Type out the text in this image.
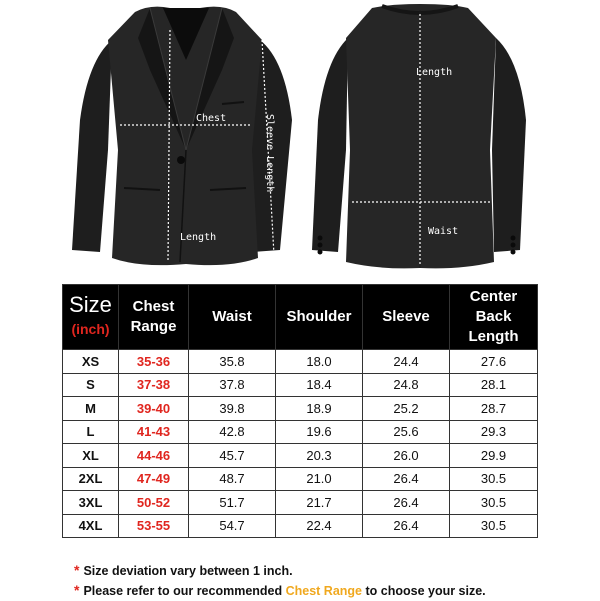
Chest	Sleeve Length
Length
Length
Waist
Size
(inch)	Chest Range	Waist	Shoulder	Sleeve	Center Back Length
XS	35-36	35.8	18.0	24.4	27.6
S	37-38	37.8	18.4	24.8	28.1
M	39-40	39.8	18.9	25.2	28.7
L	41-43	42.8	19.6	25.6	29.3
XL	44-46	45.7	20.3	26.0	29.9
2XL	47-49	48.7	21.0	26.4	30.5
3XL	50-52	51.7	21.7	26.4	30.5
4XL	53-55	54.7	22.4	26.4	30.5
* Size deviation vary between 1 inch.
* Please refer to our recommended Chest Range to choose your size.
